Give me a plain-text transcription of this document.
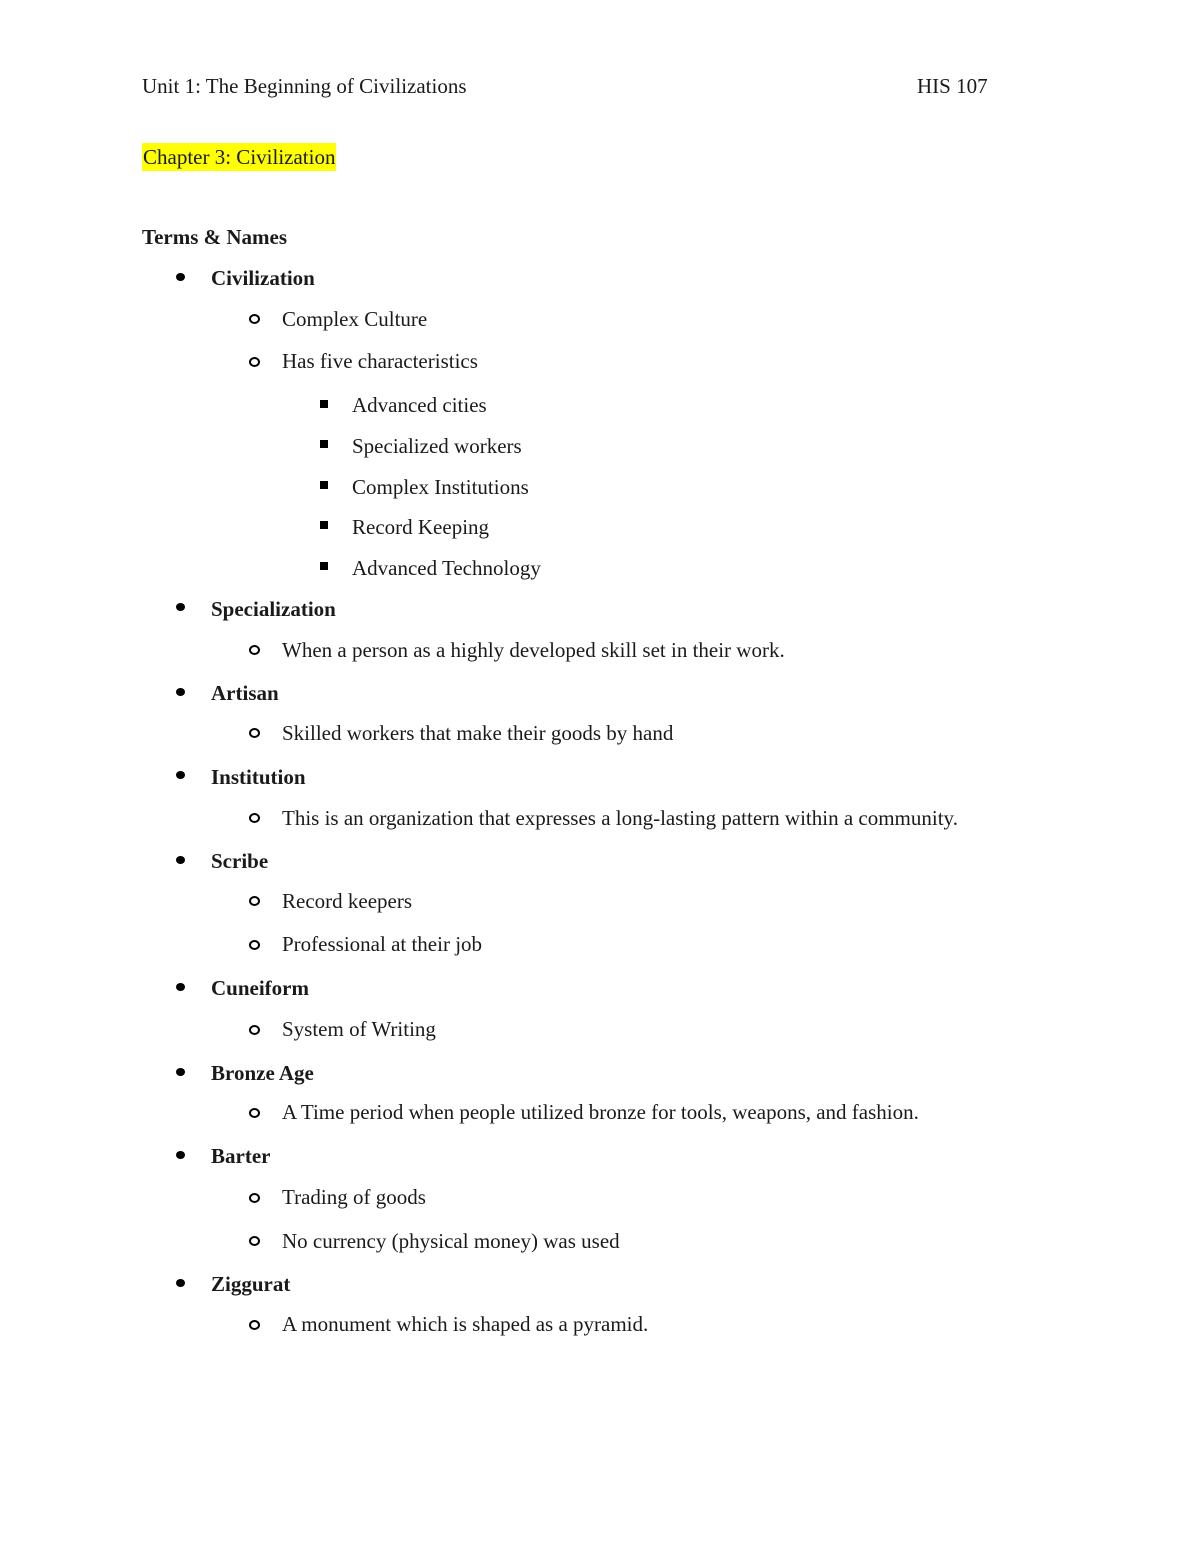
Unit 1: The Beginning of Civilizations	HIS 107
Chapter 3: Civilization
Terms & Names
Civilization
Complex Culture
Has five characteristics
Advanced cities
Specialized workers
Complex Institutions
Record Keeping
Advanced Technology
Specialization
When a person as a highly developed skill set in their work.
Artisan
Skilled workers that make their goods by hand
Institution
This is an organization that expresses a long-lasting pattern within a community.
Scribe
Record keepers
Professional at their job
Cuneiform
System of Writing
Bronze Age
A Time period when people utilized bronze for tools, weapons, and fashion.
Barter
Trading of goods
No currency (physical money) was used
Ziggurat
A monument which is shaped as a pyramid.
